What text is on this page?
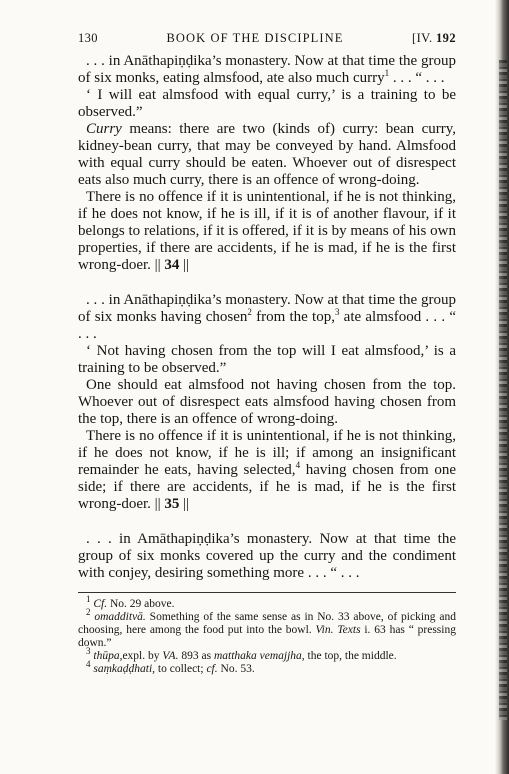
130	BOOK OF THE DISCIPLINE	[IV. 192

. . . in Anāthapiṇḍika’s monastery. Now at that time the group of six monks, eating almsfood, ate also much curry$^1$ . . . “ . . .

‘ I will eat almsfood with equal curry,’ is a training to be observed.”

Curry means: there are two (kinds of) curry: bean curry, kidney-bean curry, that may be conveyed by hand. Almsfood with equal curry should be eaten. Whoever out of disrespect eats also much curry, there is an offence of wrong-doing.

There is no offence if it is unintentional, if he is not thinking, if he does not know, if he is ill, if it is of another flavour, if it belongs to relations, if it is offered, if it is by means of his own properties, if there are accidents, if he is mad, if he is the first wrong-doer. || 34 ||

. . . in Anāthapiṇḍika’s monastery. Now at that time the group of six monks having chosen$^2$ from the top,$^3$ ate almsfood . . . “ . . .

‘ Not having chosen from the top will I eat almsfood,’ is a training to be observed.”

One should eat almsfood not having chosen from the top. Whoever out of disrespect eats almsfood having chosen from the top, there is an offence of wrong-doing.

There is no offence if it is unintentional, if he is not thinking, if he does not know, if he is ill; if among an insignificant remainder he eats, having selected,$^4$ having chosen from one side; if there are accidents, if he is mad, if he is the first wrong-doer. || 35 ||

. . . in Amāthapiṇḍika’s monastery. Now at that time the group of six monks covered up the curry and the condiment with conjey, desiring something more . . . “ . . .

$^1$ Cf. No. 29 above.

$^2$ omadditvā. Something of the same sense as in No. 33 above, of picking and choosing, here among the food put into the bowl. Vin. Texts i. 63 has “ pressing down.”

$^3$ thūpa,expl. by VA. 893 as matthaka vemajjha, the top, the middle.

$^4$ saṃkaḍḍhati, to collect; cf. No. 53.
